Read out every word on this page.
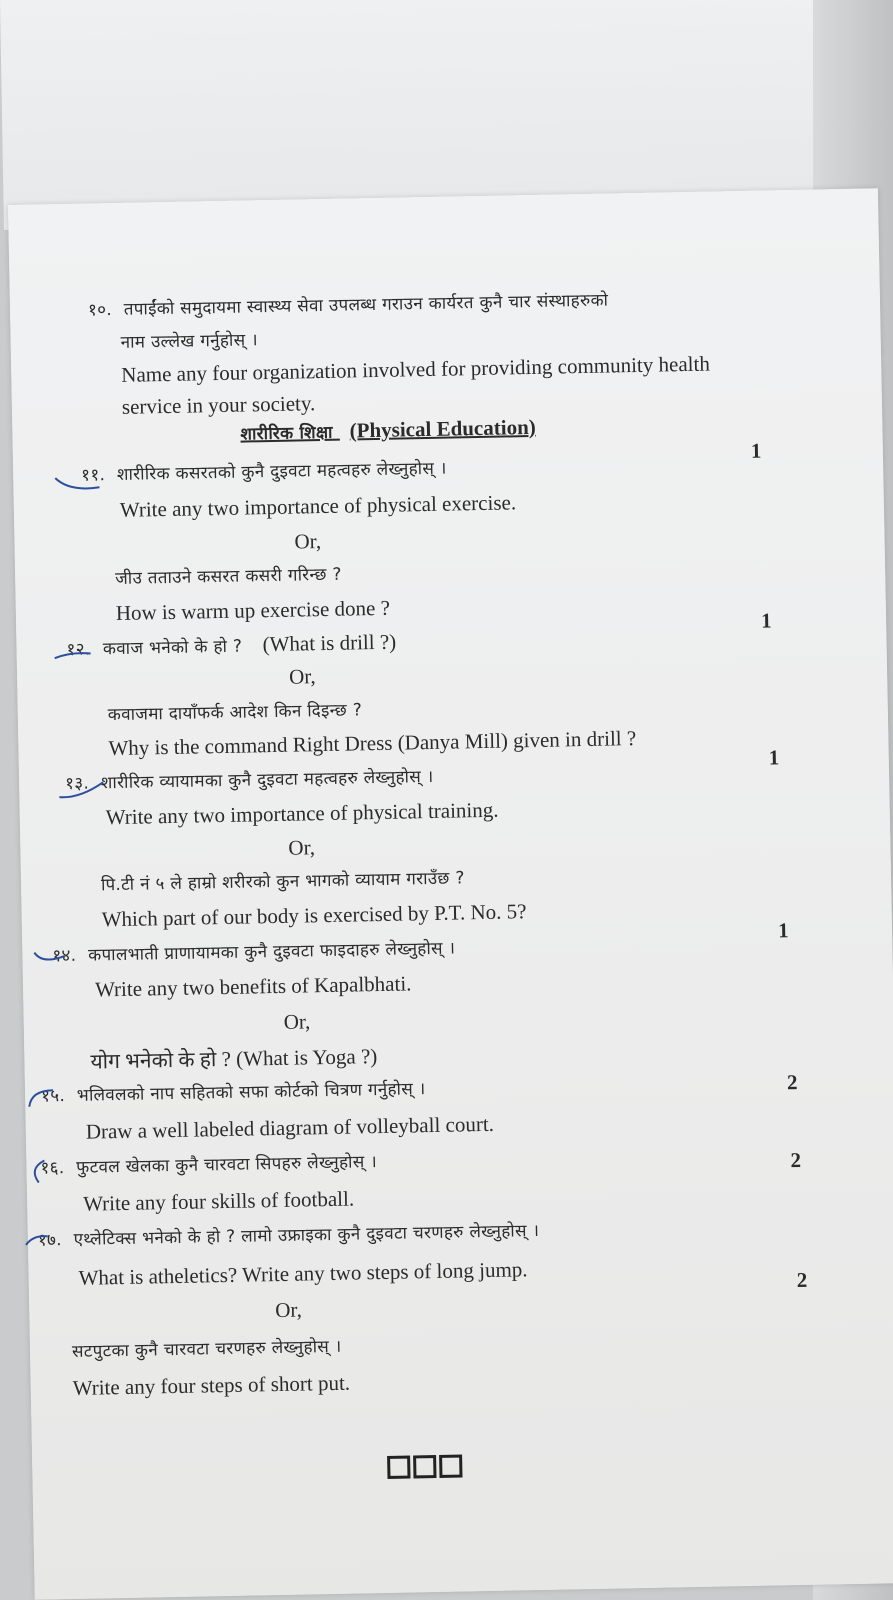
१०. तपाईंको समुदायमा स्वास्थ्य सेवा उपलब्ध गराउन कार्यरत कुनै चार संस्थाहरुको
नाम उल्लेख गर्नुहोस् ।
Name any four organization involved for providing community health
service in your society.
शारीरिक शिक्षा (Physical Education)
११. शारीरिक कसरतको कुनै दुइवटा महत्वहरु लेख्नुहोस् ।
1
Write any two importance of physical exercise.
Or,
जीउ तताउने कसरत कसरी गरिन्छ ?
How is warm up exercise done ?
१२. कवाज भनेको के हो ? (What is drill ?)
1
Or,
कवाजमा दायाँफर्क आदेश किन दिइन्छ ?
Why is the command Right Dress (Danya Mill) given in drill ?
१३. शारीरिक व्यायामका कुनै दुइवटा महत्वहरु लेख्नुहोस् ।
1
Write any two importance of physical training.
Or,
पि.टी नं ५ ले हाम्रो शरीरको कुन भागको व्यायाम गराउँछ ?
Which part of our body is exercised by P.T. No. 5?
१४. कपालभाती प्राणायामका कुनै दुइवटा फाइदाहरु लेख्नुहोस् ।
1
Write any two benefits of Kapalbhati.
Or,
योग भनेको के हो ? (What is Yoga ?)
१५. भलिवलको नाप सहितको सफा कोर्टको चित्रण गर्नुहोस् ।	2
Draw a well labeled diagram of volleyball court.
१६. फुटवल खेलका कुनै चारवटा सिपहरु लेख्नुहोस् ।	2
Write any four skills of football.
१७. एथ्लेटिक्स भनेको के हो ? लामो उफ्राइका कुनै दुइवटा चरणहरु लेख्नुहोस् ।
What is atheletics? Write any two steps of long jump.	2
Or,
सटपुटका कुनै चारवटा चरणहरु लेख्नुहोस् ।
Write any four steps of short put.
